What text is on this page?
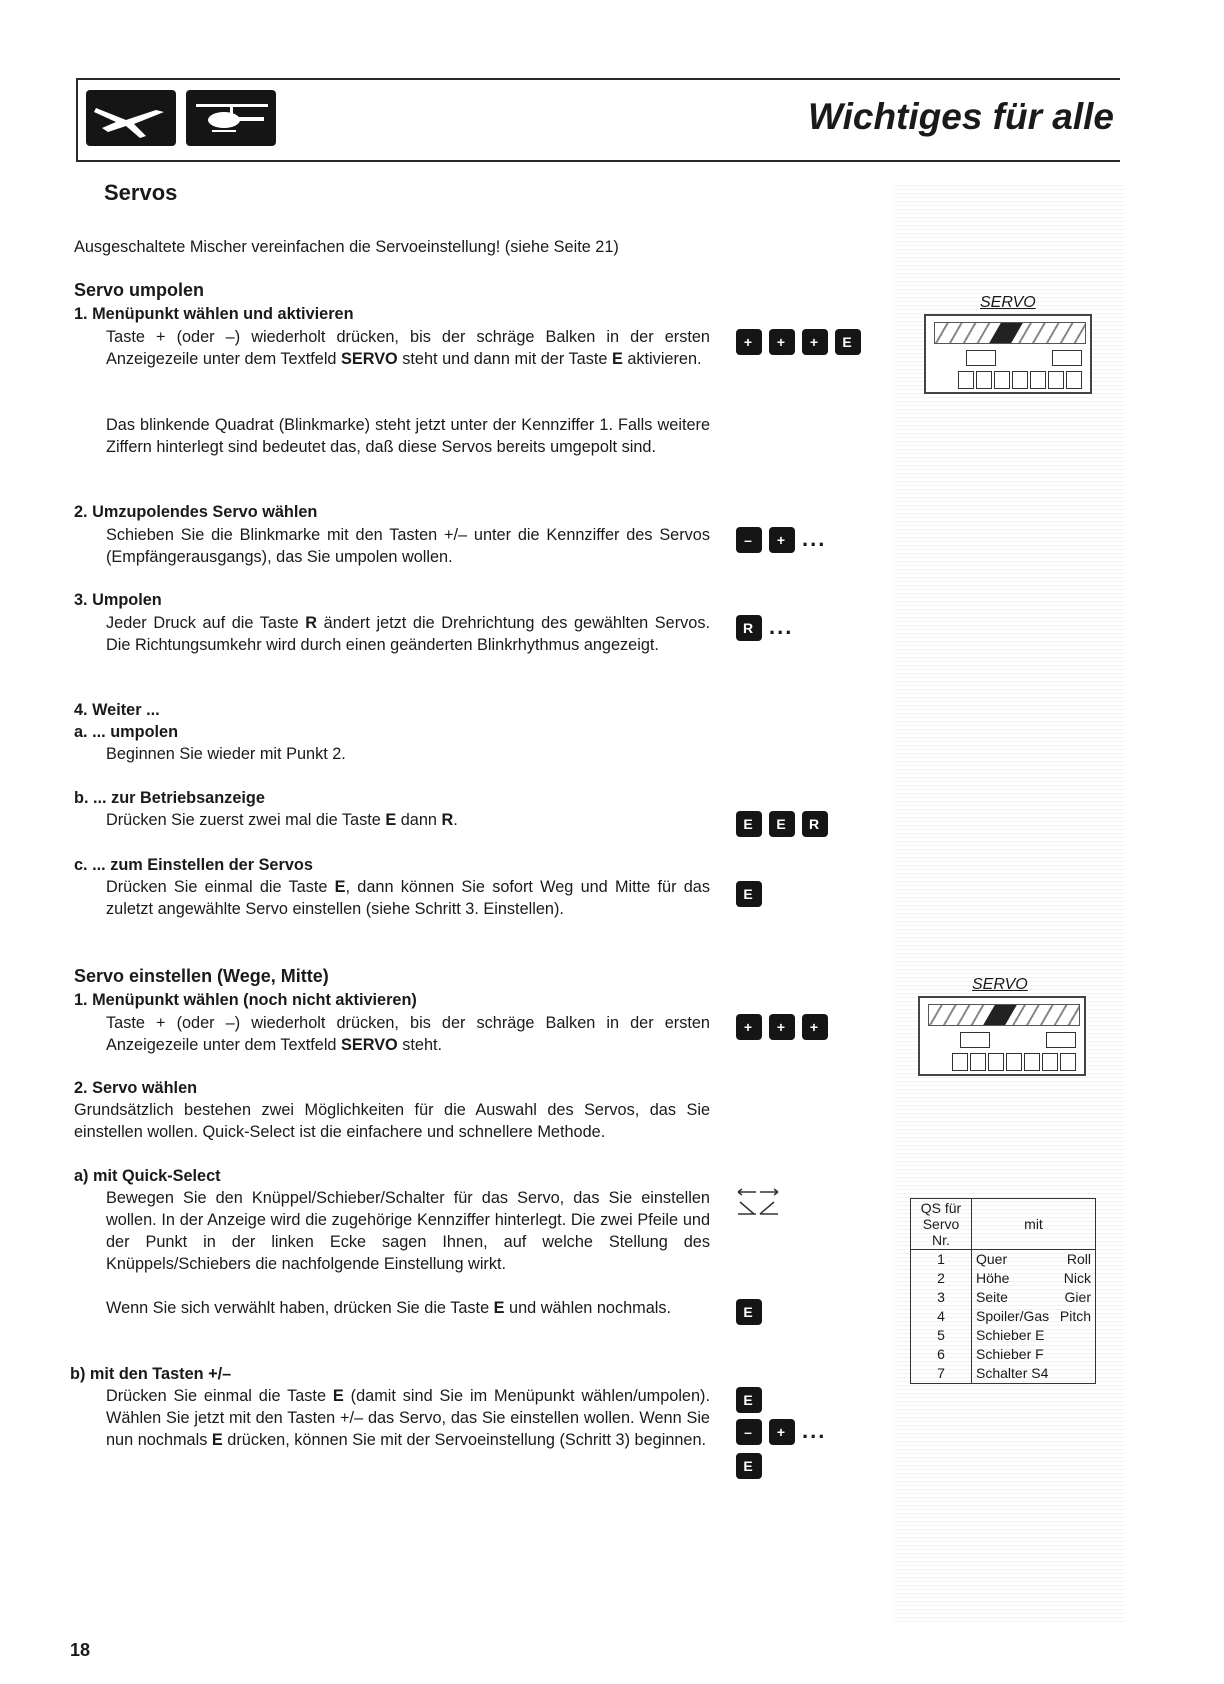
Wichtiges für alle
Servos
Ausgeschaltete Mischer vereinfachen die Servoeinstellung! (siehe Seite 21)
Servo umpolen
1. Menüpunkt wählen und aktivieren
Taste + (oder –) wiederholt drücken, bis der schräge Balken in der ersten Anzeigezeile unter dem Textfeld SERVO steht und dann mit der Taste E aktivieren.
+ + + E
Das blinkende Quadrat (Blinkmarke) steht jetzt unter der Kennziffer 1. Falls weitere Ziffern hinterlegt sind bedeutet das, daß diese Servos bereits umgepolt sind.
2. Umzupolendes Servo wählen
Schieben Sie die Blinkmarke mit den Tasten +/– unter die Kennziffer des Servos (Empfängerausgangs), das Sie umpolen wollen.
– + ...
3. Umpolen
Jeder Druck auf die Taste R ändert jetzt die Drehrichtung des gewählten Servos. Die Richtungsumkehr wird durch einen geänderten Blinkrhythmus angezeigt.
R ...
4. Weiter ...
a. ... umpolen
Beginnen Sie wieder mit Punkt 2.
b. ... zur Betriebsanzeige
Drücken Sie zuerst zwei mal die Taste E dann R.	E E R
c. ... zum Einstellen der Servos
Drücken Sie einmal die Taste E, dann können Sie sofort Weg und Mitte für das zuletzt angewählte Servo einstellen (siehe Schritt 3. Einstellen).
E
SERVO
Servo einstellen (Wege, Mitte)
1. Menüpunkt wählen (noch nicht aktivieren)
Taste + (oder –) wiederholt drücken, bis der schräge Balken in der ersten Anzeigezeile unter dem Textfeld SERVO steht.
+ + +
2. Servo wählen
Grundsätzlich bestehen zwei Möglichkeiten für die Auswahl des Servos, das Sie einstellen wollen. Quick-Select ist die einfachere und schnellere Methode.
a) mit Quick-Select
Bewegen Sie den Knüppel/Schieber/Schalter für das Servo, das Sie einstellen wollen. In der Anzeige wird die zugehörige Kennziffer hinterlegt. Die zwei Pfeile und der Punkt in der linken Ecke sagen Ihnen, auf welche Stellung des Knüppels/Schiebers die nachfolgende Einstellung wirkt.
Wenn Sie sich verwählt haben, drücken Sie die Taste E und wählen nochmals.	E
b) mit den Tasten +/–
Drücken Sie einmal die Taste E (damit sind Sie im Menüpunkt wählen/umpolen). Wählen Sie jetzt mit den Tasten +/– das Servo, das Sie einstellen wollen. Wenn Sie nun nochmals E drücken, können Sie mit der Servoeinstellung (Schritt 3) beginnen.
E
– + ...
E
SERVO
QS für Servo Nr.	mit	
1	Quer	Roll
2	Höhe	Nick
3	Seite	Gier
4	Spoiler/Gas	Pitch
5	Schieber E	
6	Schieber F	
7	Schalter S4	
18
